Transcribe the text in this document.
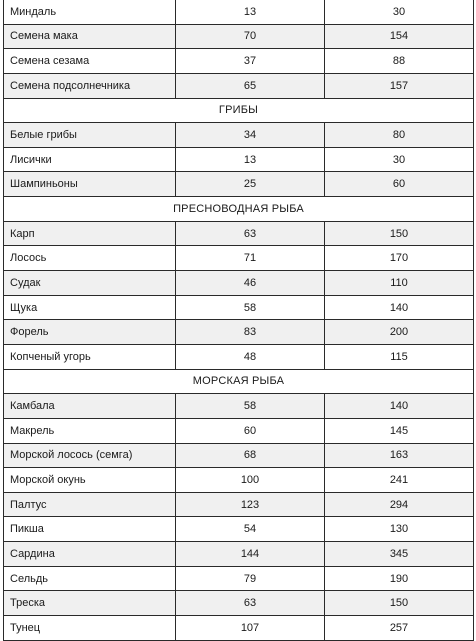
Миндаль	13	30
Семена мака	70	154
Семена сезама	37	88
Семена подсолнечника	65	157
ГРИБЫ		
Белые грибы	34	80
Лисички	13	30
Шампиньоны	25	60
ПРЕСНОВОДНАЯ РЫБА		
Карп	63	150
Лосось	71	170
Судак	46	110
Щука	58	140
Форель	83	200
Копченый угорь	48	115
МОРСКАЯ РЫБА		
Камбала	58	140
Макрель	60	145
Морской лосось (семга)	68	163
Морской окунь	100	241
Палтус	123	294
Пикша	54	130
Сардина	144	345
Сельдь	79	190
Треска	63	150
Тунец	107	257
